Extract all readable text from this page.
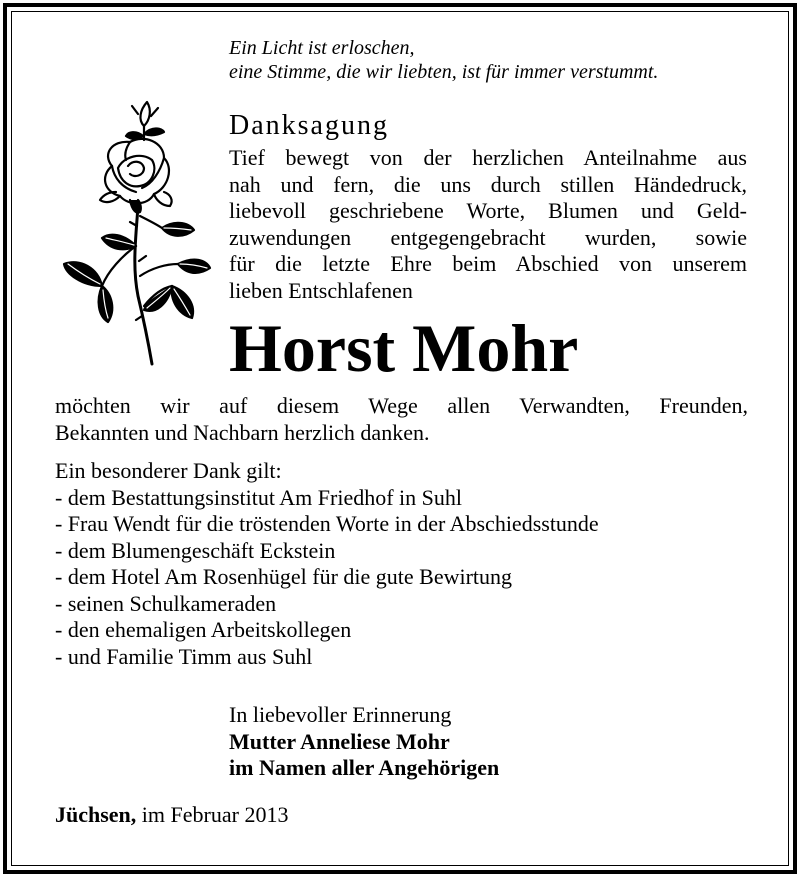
Ein Licht ist erloschen,
eine Stimme, die wir liebten, ist für immer verstummt.
Danksagung
Tief bewegt von der herzlichen Anteilnahme aus
nah und fern, die uns durch stillen Händedruck,
liebevoll geschriebene Worte, Blumen und Geld-
zuwendungen entgegengebracht wurden, sowie
für die letzte Ehre beim Abschied von unserem
lieben Entschlafenen
Horst Mohr
möchten wir auf diesem Wege allen Verwandten, Freunden,
Bekannten und Nachbarn herzlich danken.
Ein besonderer Dank gilt:
- dem Bestattungsinstitut Am Friedhof in Suhl
- Frau Wendt für die tröstenden Worte in der Abschiedsstunde
- dem Blumengeschäft Eckstein
- dem Hotel Am Rosenhügel für die gute Bewirtung
- seinen Schulkameraden
- den ehemaligen Arbeitskollegen
- und Familie Timm aus Suhl
In liebevoller Erinnerung
Mutter Anneliese Mohr
im Namen aller Angehörigen
Jüchsen, im Februar 2013
